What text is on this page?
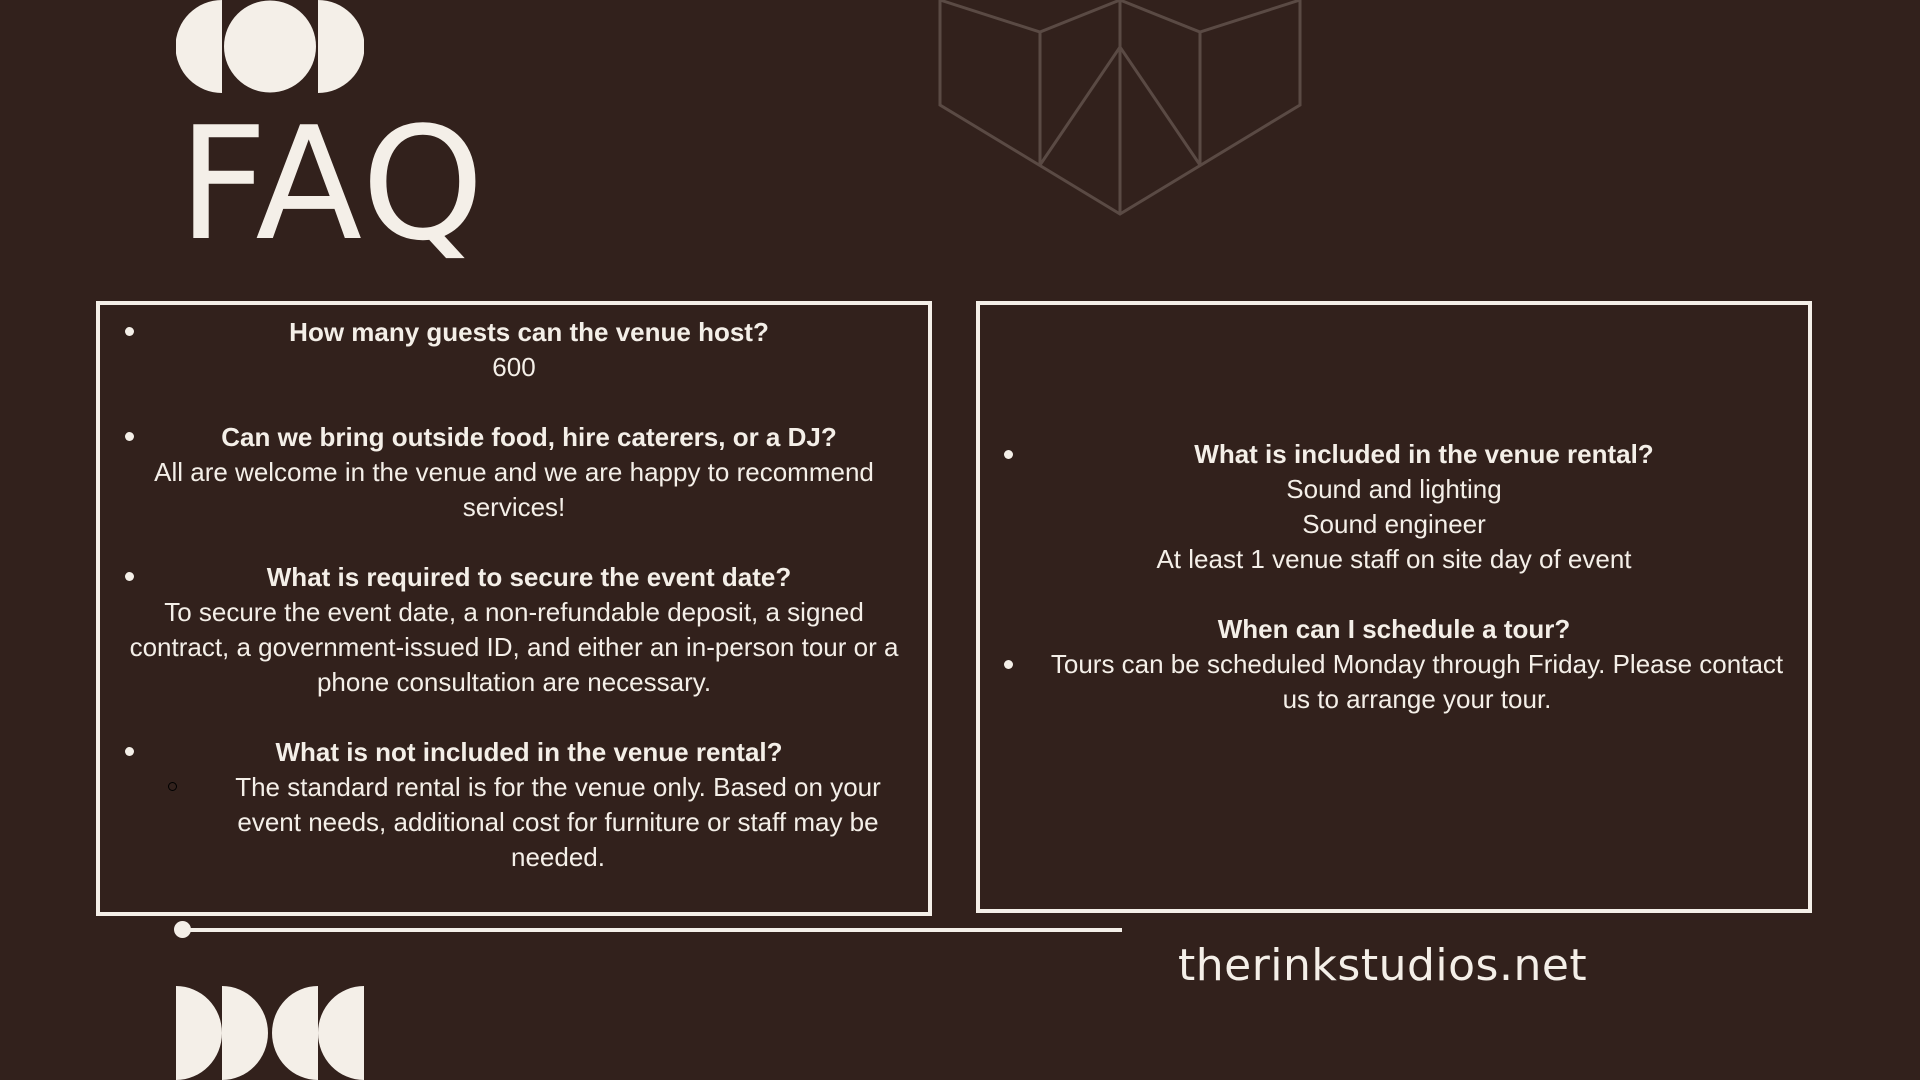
FAQ
How many guests can the venue host?
600
Can we bring outside food, hire caterers, or a DJ?
All are welcome in the venue and we are happy to recommend
services!
What is required to secure the event date?
To secure the event date, a non-refundable deposit, a signed
contract, a government-issued ID, and either an in-person tour or a
phone consultation are necessary.
What is not included in the venue rental?
The standard rental is for the venue only. Based on your
event needs, additional cost for furniture or staff may be
needed.
What is included in the venue rental?
Sound and lighting
Sound engineer
At least 1 venue staff on site day of event
When can I schedule a tour?
Tours can be scheduled Monday through Friday. Please contact
us to arrange your tour.
therinkstudios.net
